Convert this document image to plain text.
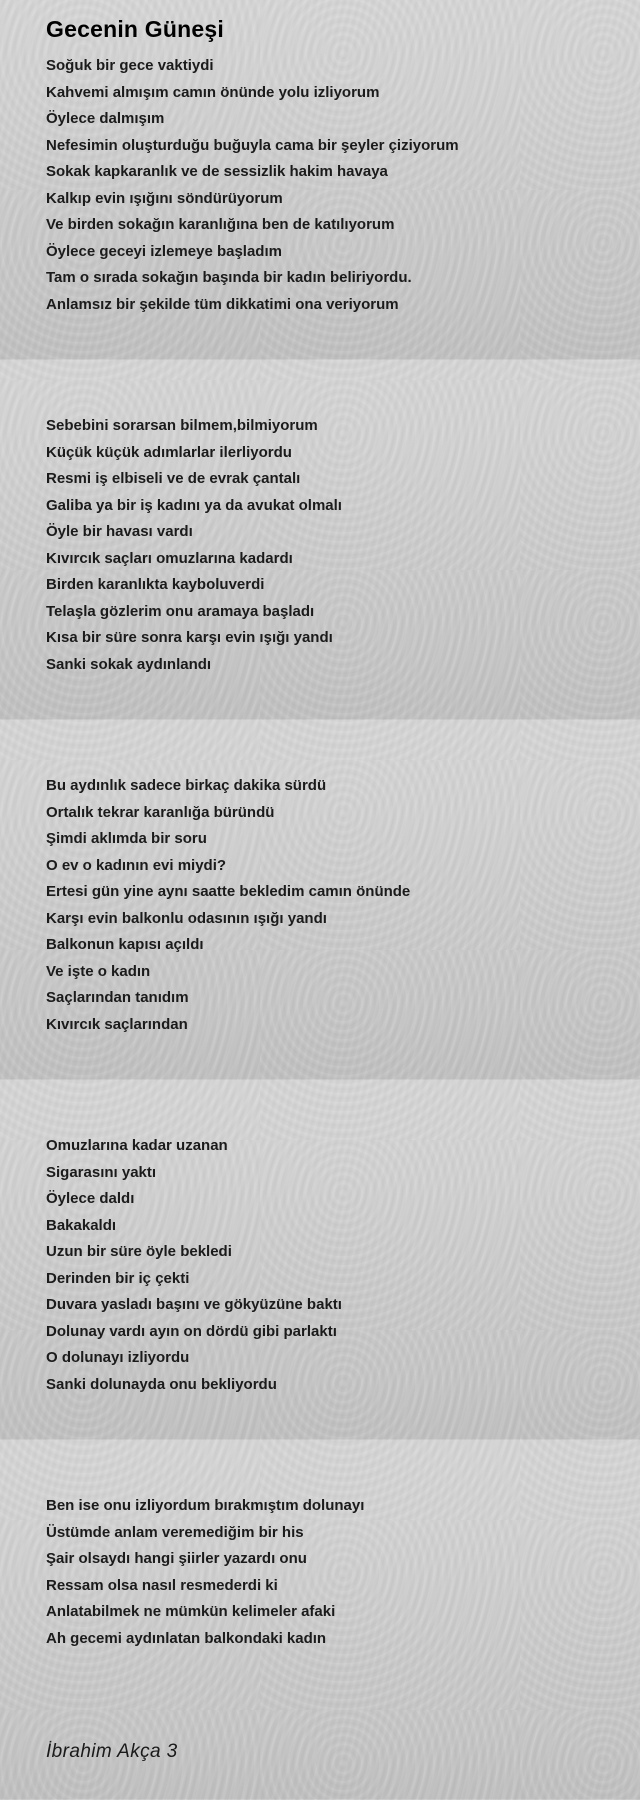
Gecenin Güneşi
Soğuk bir gece vaktiydi
Kahvemi almışım camın önünde yolu izliyorum
Öylece dalmışım
Nefesimin oluşturduğu buğuyla cama bir şeyler çiziyorum
Sokak kapkaranlık ve de sessizlik hakim havaya
Kalkıp evin ışığını söndürüyorum
Ve birden sokağın karanlığına ben de katılıyorum
Öylece geceyi izlemeye başladım
Tam o sırada sokağın başında bir kadın beliriyordu.
Anlamsız bir şekilde tüm dikkatimi ona veriyorum
Sebebini sorarsan bilmem,bilmiyorum
Küçük küçük adımlarlar ilerliyordu
Resmi iş elbiseli ve de evrak çantalı
Galiba ya bir iş kadını ya da avukat olmalı
Öyle bir havası vardı
Kıvırcık saçları omuzlarına kadardı
Birden karanlıkta kayboluverdi
Telaşla gözlerim onu aramaya başladı
Kısa bir süre sonra karşı evin ışığı yandı
Sanki sokak aydınlandı
Bu aydınlık sadece birkaç dakika sürdü
Ortalık tekrar karanlığa büründü
Şimdi aklımda bir soru
O ev o kadının evi miydi?
Ertesi gün yine aynı saatte bekledim camın önünde
Karşı evin balkonlu odasının ışığı yandı
Balkonun kapısı açıldı
Ve işte o kadın
Saçlarından tanıdım
Kıvırcık saçlarından
Omuzlarına kadar uzanan
Sigarasını yaktı
Öylece daldı
Bakakaldı
Uzun bir süre öyle bekledi
Derinden bir iç çekti
Duvara yasladı başını ve gökyüzüne baktı
Dolunay vardı ayın on dördü gibi parlaktı
O dolunayı izliyordu
Sanki dolunayda onu bekliyordu
Ben ise onu izliyordum bırakmıştım dolunayı
Üstümde anlam veremediğim bir his
Şair olsaydı hangi şiirler yazardı onu
Ressam olsa nasıl resmederdi ki
Anlatabilmek ne mümkün kelimeler afaki
Ah gecemi aydınlatan balkondaki kadın
İbrahim Akça 3
